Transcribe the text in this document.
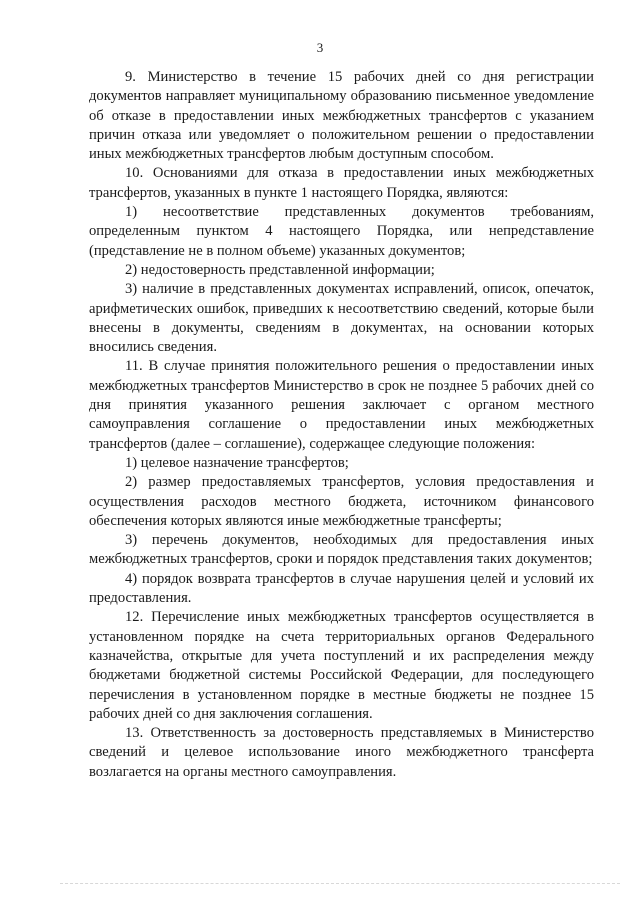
3

9. Министерство в течение 15 рабочих дней со дня регистрации документов направляет муниципальному образованию письменное уведомление об отказе в предоставлении иных межбюджетных трансфертов с указанием причин отказа или уведомляет о положительном решении о предоставлении иных межбюджетных трансфертов любым доступным способом.

10. Основаниями для отказа в предоставлении иных межбюджетных трансфертов, указанных в пункте 1 настоящего Порядка, являются:

1) несоответствие представленных документов требованиям, определенным пунктом 4 настоящего Порядка, или непредставление (представление не в полном объеме) указанных документов;

2) недостоверность представленной информации;

3) наличие в представленных документах исправлений, описок, опечаток, арифметических ошибок, приведших к несоответствию сведений, которые были внесены в документы, сведениям в документах, на основании которых вносились сведения.

11. В случае принятия положительного решения о предоставлении иных межбюджетных трансфертов Министерство в срок не позднее 5 рабочих дней со дня принятия указанного решения заключает с органом местного самоуправления соглашение о предоставлении иных межбюджетных трансфертов (далее – соглашение), содержащее следующие положения:

1) целевое назначение трансфертов;

2) размер предоставляемых трансфертов, условия предоставления и осуществления расходов местного бюджета, источником финансового обеспечения которых являются иные межбюджетные трансферты;

3) перечень документов, необходимых для предоставления иных межбюджетных трансфертов, сроки и порядок представления таких документов;

4) порядок возврата трансфертов в случае нарушения целей и условий их предоставления.

12. Перечисление иных межбюджетных трансфертов осуществляется в установленном порядке на счета территориальных органов Федерального казначейства, открытые для учета поступлений и их распределения между бюджетами бюджетной системы Российской Федерации, для последующего перечисления в установленном порядке в местные бюджеты не позднее 15 рабочих дней со дня заключения соглашения.

13. Ответственность за достоверность представляемых в Министерство сведений и целевое использование иного межбюджетного трансферта возлагается на органы местного самоуправления.
